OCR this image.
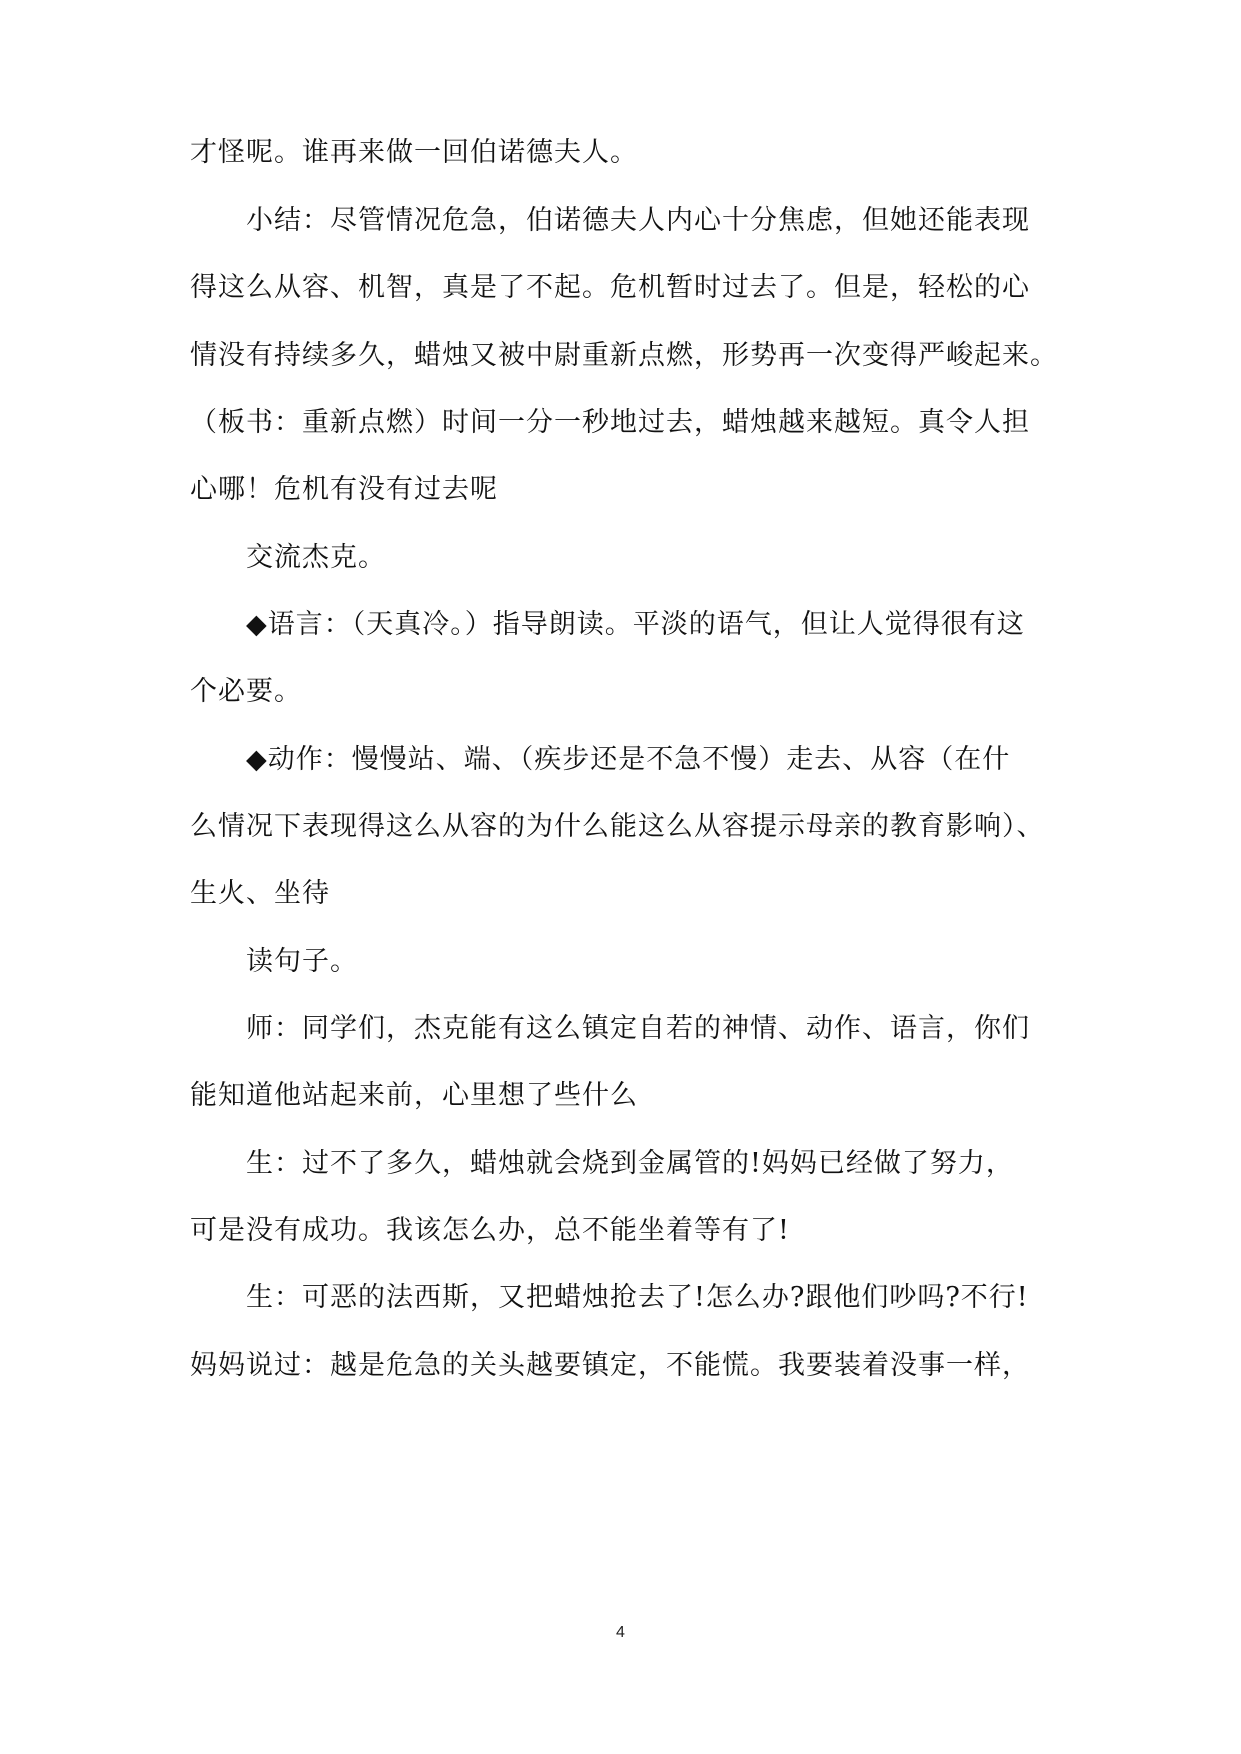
才怪呢。谁再来做一回伯诺德夫人。
小结：尽管情况危急，伯诺德夫人内心十分焦虑，但她还能表现
得这么从容、机智，真是了不起。危机暂时过去了。但是，轻松的心
情没有持续多久，蜡烛又被中尉重新点燃，形势再一次变得严峻起来。
（板书：重新点燃）时间一分一秒地过去，蜡烛越来越短。真令人担
心哪！危机有没有过去呢
交流杰克。
◆语言：（天真冷。）指导朗读。平淡的语气，但让人觉得很有这
个必要。
◆动作：慢慢站、端、（疾步还是不急不慢）走去、从容（在什
么情况下表现得这么从容的为什么能这么从容提示母亲的教育影响）、
生火、坐待
读句子。
师：同学们，杰克能有这么镇定自若的神情、动作、语言，你们
能知道他站起来前，心里想了些什么
生：过不了多久，蜡烛就会烧到金属管的!妈妈已经做了努力，
可是没有成功。我该怎么办，总不能坐着等有了!
生：可恶的法西斯，又把蜡烛抢去了!怎么办?跟他们吵吗?不行!
妈妈说过：越是危急的关头越要镇定，不能慌。我要装着没事一样，
4
